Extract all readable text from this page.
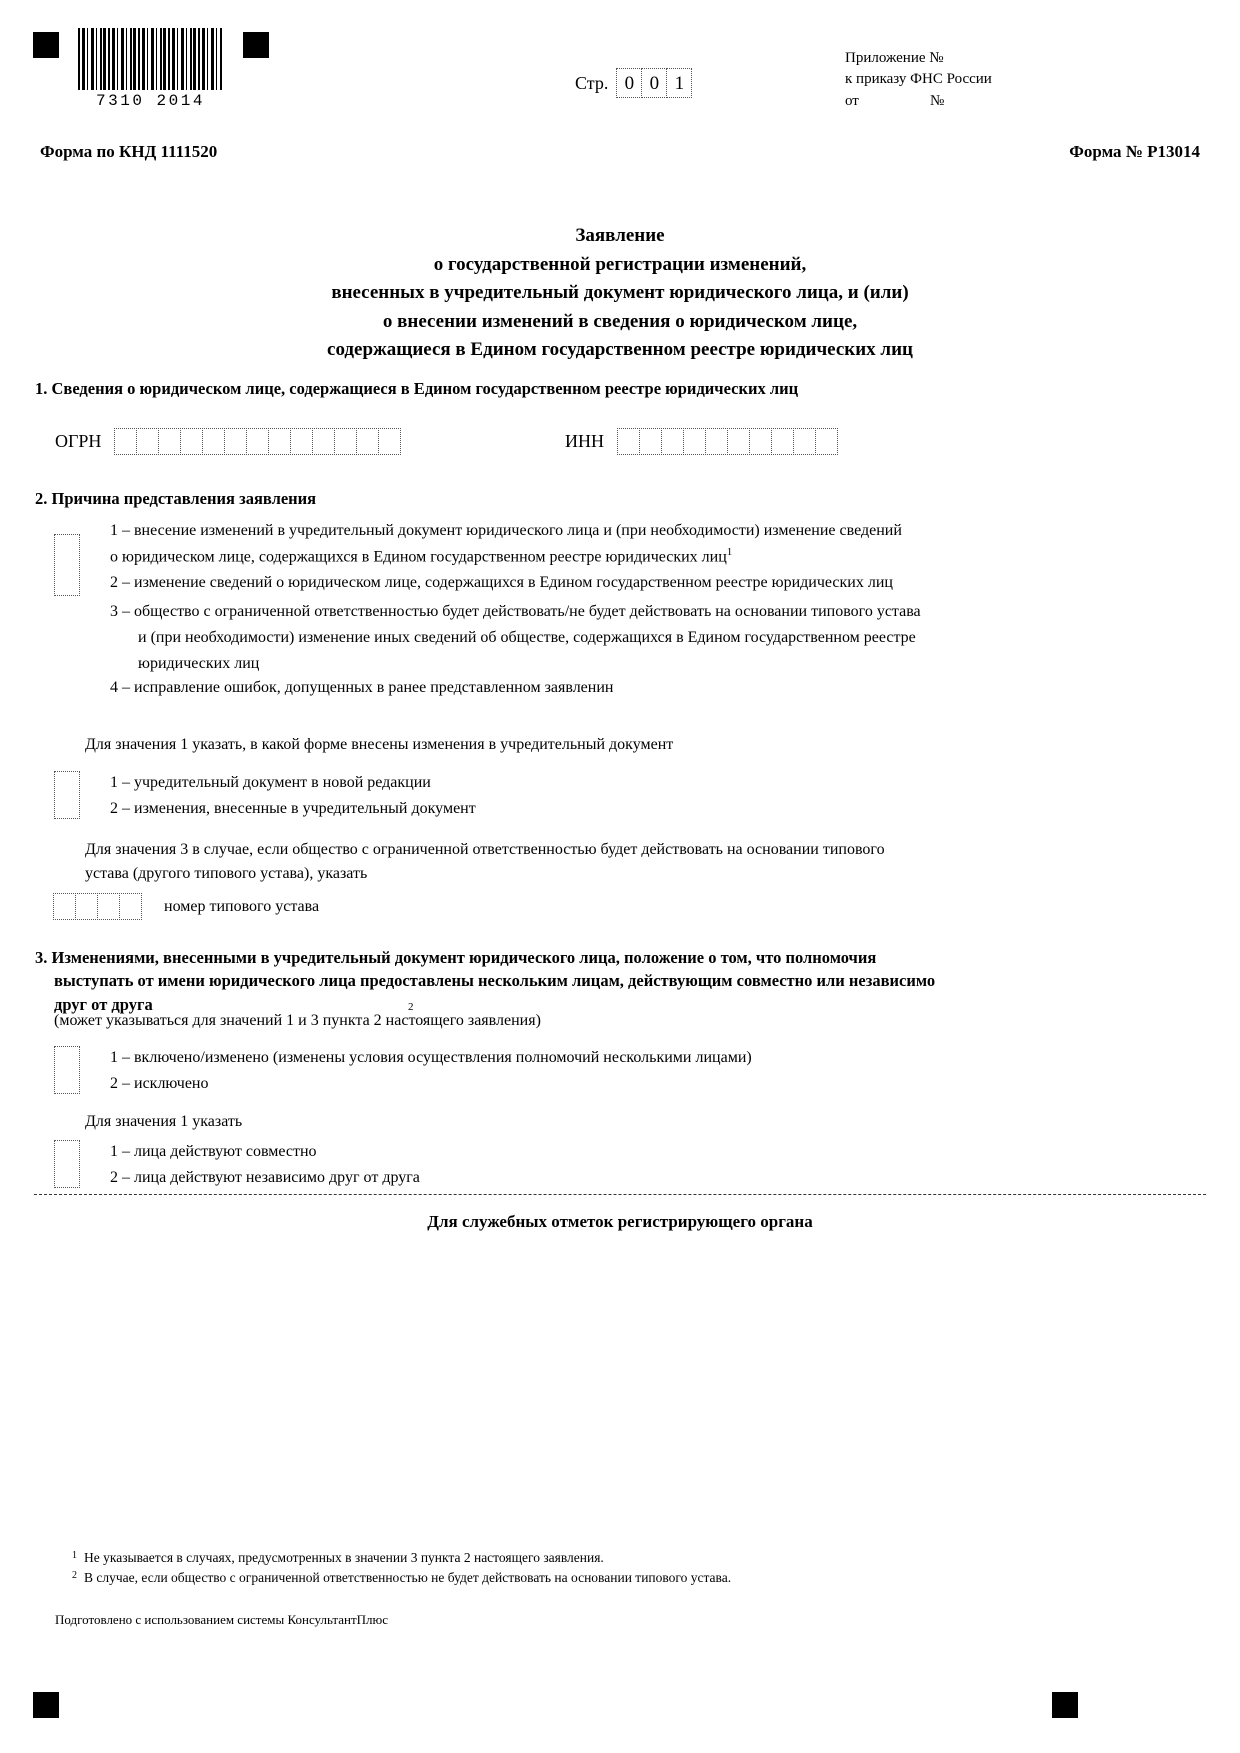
7310 2014
Стр. 0 0 1
Приложение №
к приказу ФНС России
от	№
Форма по КНД 1111520	Форма № Р13014
Заявление
о государственной регистрации изменений,
внесенных в учредительный документ юридического лица, и (или)
о внесении изменений в сведения о юридическом лице,
содержащиеся в Едином государственном реестре юридических лиц
1. Сведения о юридическом лице, содержащиеся в Едином государственном реестре юридических лиц
ОГРН	ИНН
2. Причина представления заявления
1 – внесение изменений в учредительный документ юридического лица и (при необходимости) изменение сведений
о юридическом лице, содержащихся в Едином государственном реестре юридических лиц$^1$
2 – изменение сведений о юридическом лице, содержащихся в Едином государственном реестре юридических лиц
3 – общество с ограниченной ответственностью будет действовать/не будет действовать на основании типового устава
и (при необходимости) изменение иных сведений об обществе, содержащихся в Едином государственном реестре
юридических лиц
4 – исправление ошибок, допущенных в ранее представленном заявленин
Для значения 1 указать, в какой форме внесены изменения в учредительный документ
1 – учредительный документ в новой редакции
2 – изменения, внесенные в учредительный документ
Для значения 3 в случае, если общество с ограниченной ответственностью будет действовать на основании типового
устава (другого типового устава), указать
номер типового устава
3. Изменениями, внесенными в учредительный документ юридического лица, положение о том, что полномочия
выступать от имени юридического лица предоставлены нескольким лицам, действующим совместно или независимо
друг от друга
(может указываться для значений 1 и 3 пункта 2 настоящего заявления)
2
1 – включено/изменено (изменены условия осуществления полномочий несколькими лицами)
2 – исключено
Для значения 1 указать
1 – лица действуют совместно
2 – лица действуют независимо друг от друга
Для служебных отметок регистрирующего органа
1 Не указывается в случаях, предусмотренных в значении 3 пункта 2 настоящего заявления.
2 В случае, если общество с ограниченной ответственностью не будет действовать на основании типового устава.
Подготовлено с использованием системы КонсультантПлюс
